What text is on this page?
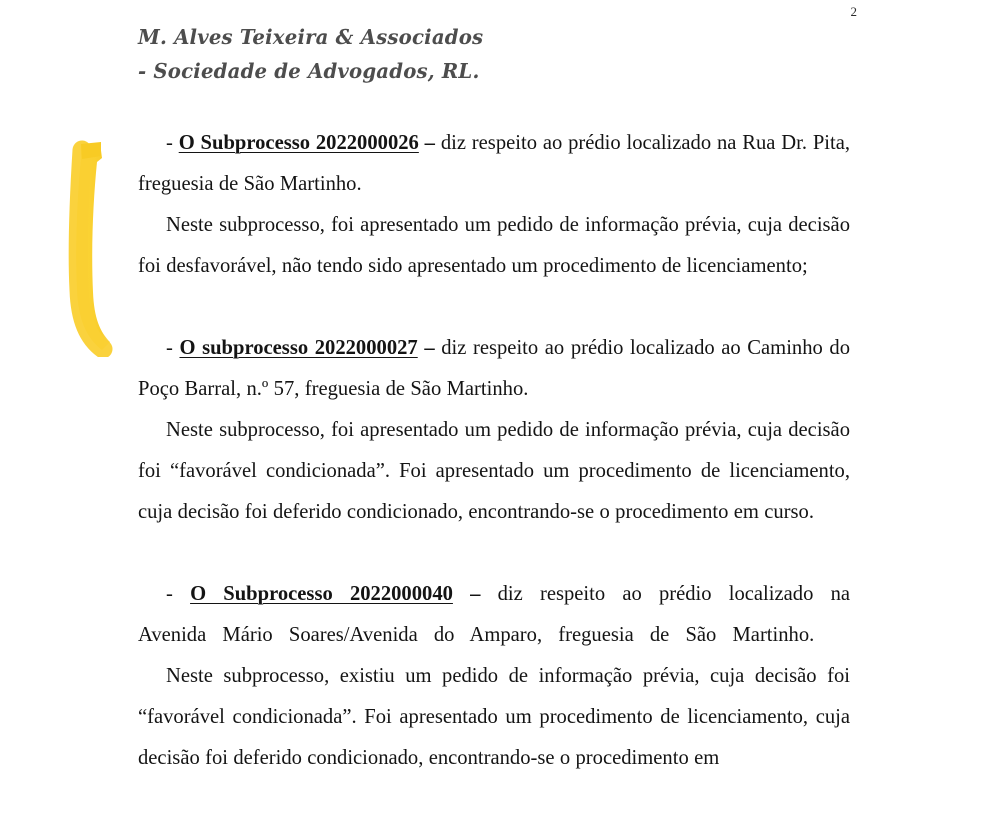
2
M. Alves Teixeira & Associados
- Sociedade de Advogados, RL.

- O Subprocesso 2022000026 – diz respeito ao prédio localizado na Rua Dr. Pita, freguesia de São Martinho.

Neste subprocesso, foi apresentado um pedido de informação prévia, cuja decisão foi desfavorável, não tendo sido apresentado um procedimento de licenciamento;

- O subprocesso 2022000027 – diz respeito ao prédio localizado ao Caminho do Poço Barral, n.º 57, freguesia de São Martinho.

Neste subprocesso, foi apresentado um pedido de informação prévia, cuja decisão foi “favorável condicionada”. Foi apresentado um procedimento de licenciamento, cuja decisão foi deferido condicionado, encontrando-se o procedimento em curso.

- O Subprocesso 2022000040 – diz respeito ao prédio localizado na Avenida Mário Soares/Avenida do Amparo, freguesia de São Martinho.

Neste subprocesso, existiu um pedido de informação prévia, cuja decisão foi “favorável condicionada”. Foi apresentado um procedimento de licenciamento, cuja decisão foi deferido condicionado, encontrando-se o procedimento em
